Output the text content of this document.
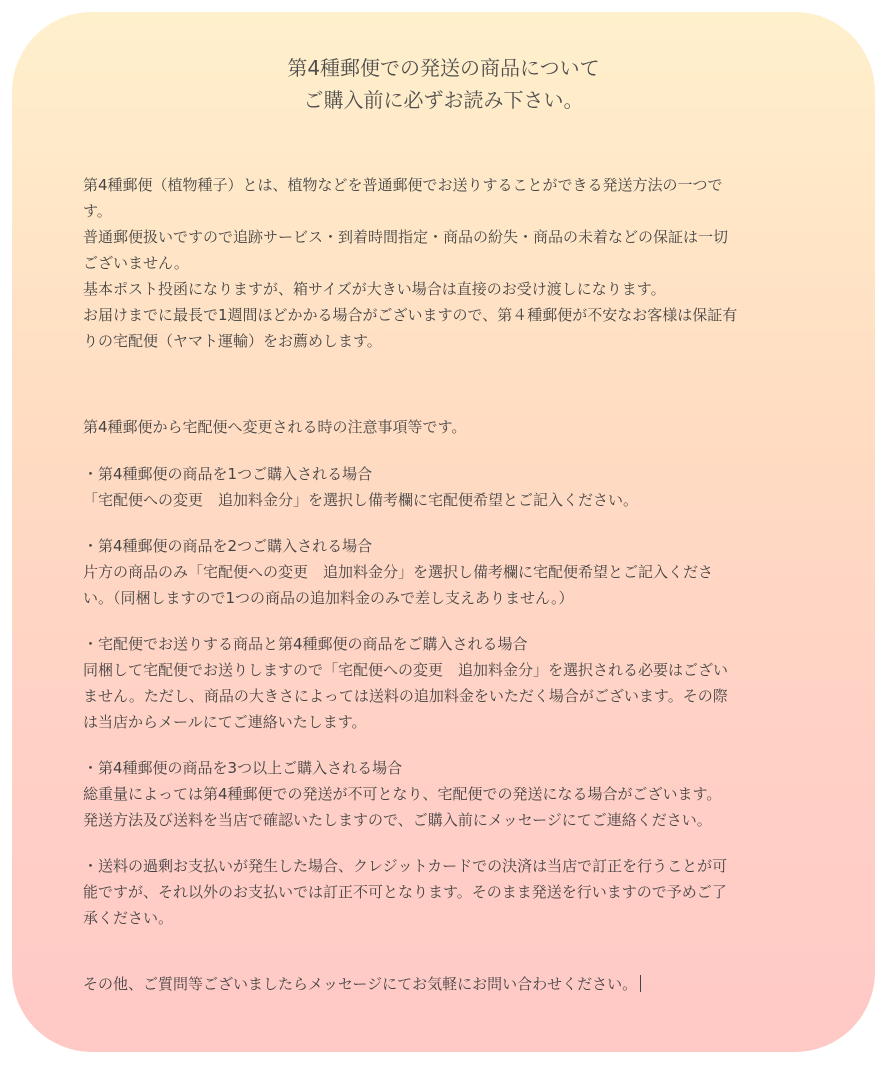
第4種郵便での発送の商品について
ご購入前に必ずお読み下さい。

第4種郵便（植物種子）とは、植物などを普通郵便でお送りすることができる発送方法の一つで

す。

普通郵便扱いですので追跡サービス・到着時間指定・商品の紛失・商品の未着などの保証は一切

ございません。

基本ポスト投函になりますが、箱サイズが大きい場合は直接のお受け渡しになります。

お届けまでに最長で1週間ほどかかる場合がございますので、第４種郵便が不安なお客様は保証有

りの宅配便（ヤマト運輸）をお薦めします。

第4種郵便から宅配便へ変更される時の注意事項等です。

・第4種郵便の商品を1つご購入される場合

「宅配便への変更　追加料金分」を選択し備考欄に宅配便希望とご記入ください。

・第4種郵便の商品を2つご購入される場合

片方の商品のみ「宅配便への変更　追加料金分」を選択し備考欄に宅配便希望とご記入くださ

い。（同梱しますので1つの商品の追加料金のみで差し支えありません。）

・宅配便でお送りする商品と第4種郵便の商品をご購入される場合

同梱して宅配便でお送りしますので「宅配便への変更　追加料金分」を選択される必要はござい

ません。ただし、商品の大きさによっては送料の追加料金をいただく場合がございます。その際

は当店からメールにてご連絡いたします。

・第4種郵便の商品を3つ以上ご購入される場合

総重量によっては第4種郵便での発送が不可となり、宅配便での発送になる場合がございます。

発送方法及び送料を当店で確認いたしますので、ご購入前にメッセージにてご連絡ください。

・送料の過剰お支払いが発生した場合、クレジットカードでの決済は当店で訂正を行うことが可

能ですが、それ以外のお支払いでは訂正不可となります。そのまま発送を行いますので予めご了

承ください。

その他、ご質問等ございましたらメッセージにてお気軽にお問い合わせください。
